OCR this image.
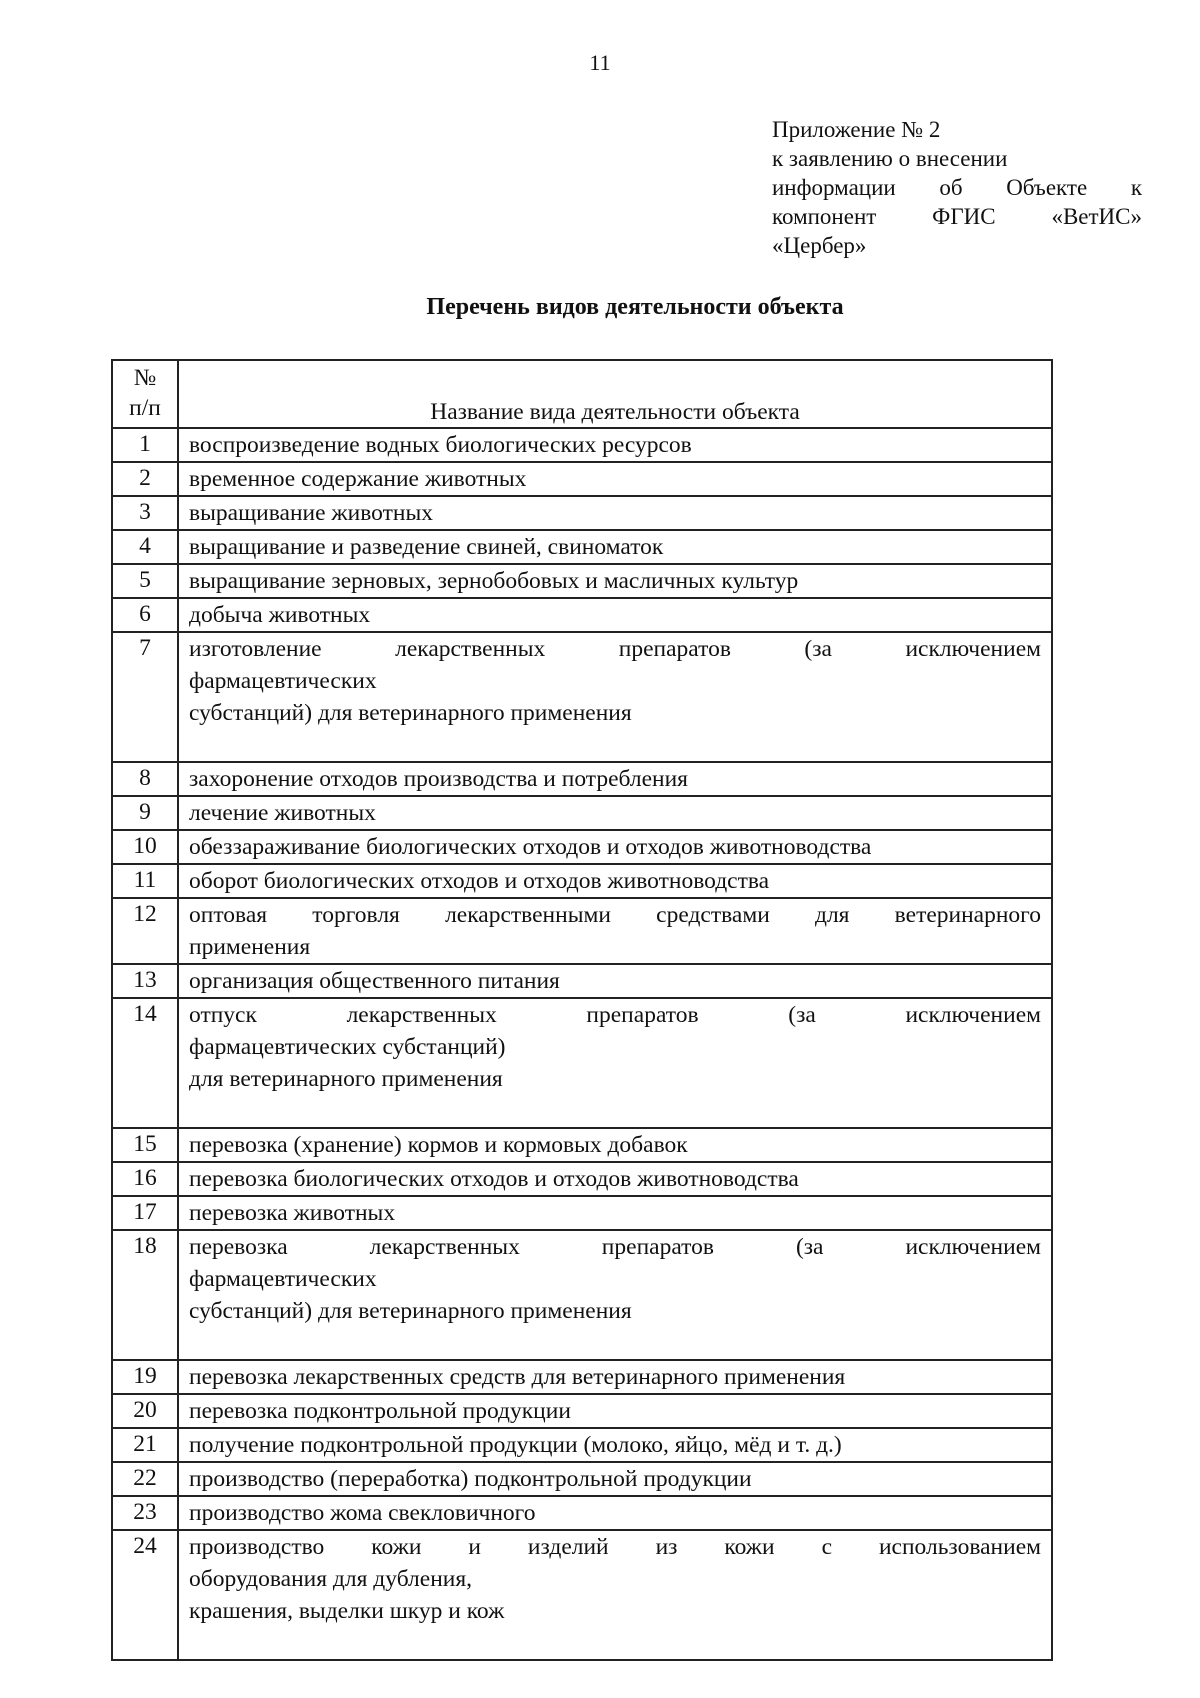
11
Приложение № 2
к заявлению о внесении
информации об Объекте к
компонент ФГИС «ВетИС»
«Цербер»
Перечень видов деятельности объекта
№
п/п	Название вида деятельности объекта
1	воспроизведение водных биологических ресурсов
2	временное содержание животных
3	выращивание животных
4	выращивание и разведение свиней, свиноматок
5	выращивание зерновых, зернобобовых и масличных культур
6	добыча животных
7	изготовление лекарственных препаратов (за исключением
фармацевтических
субстанций) для ветеринарного применения

8	захоронение отходов производства и потребления
9	лечение животных
10	обеззараживание биологических отходов и отходов животноводства
11	оборот биологических отходов и отходов животноводства
12	оптовая торговля лекарственными средствами для ветеринарного
применения

13	организация общественного питания
14	отпуск лекарственных препаратов (за исключением
фармацевтических субстанций)
для ветеринарного применения

15	перевозка (хранение) кормов и кормовых добавок
16	перевозка биологических отходов и отходов животноводства
17	перевозка животных
18	перевозка лекарственных препаратов (за исключением
фармацевтических
субстанций) для ветеринарного применения

19	перевозка лекарственных средств для ветеринарного применения
20	перевозка подконтрольной продукции
21	получение подконтрольной продукции (молоко, яйцо, мёд и т. д.)
22	производство (переработка) подконтрольной продукции
23	производство жома свекловичного
24	производство кожи и изделий из кожи с использованием
оборудования для дубления,
крашения, выделки шкур и кож
